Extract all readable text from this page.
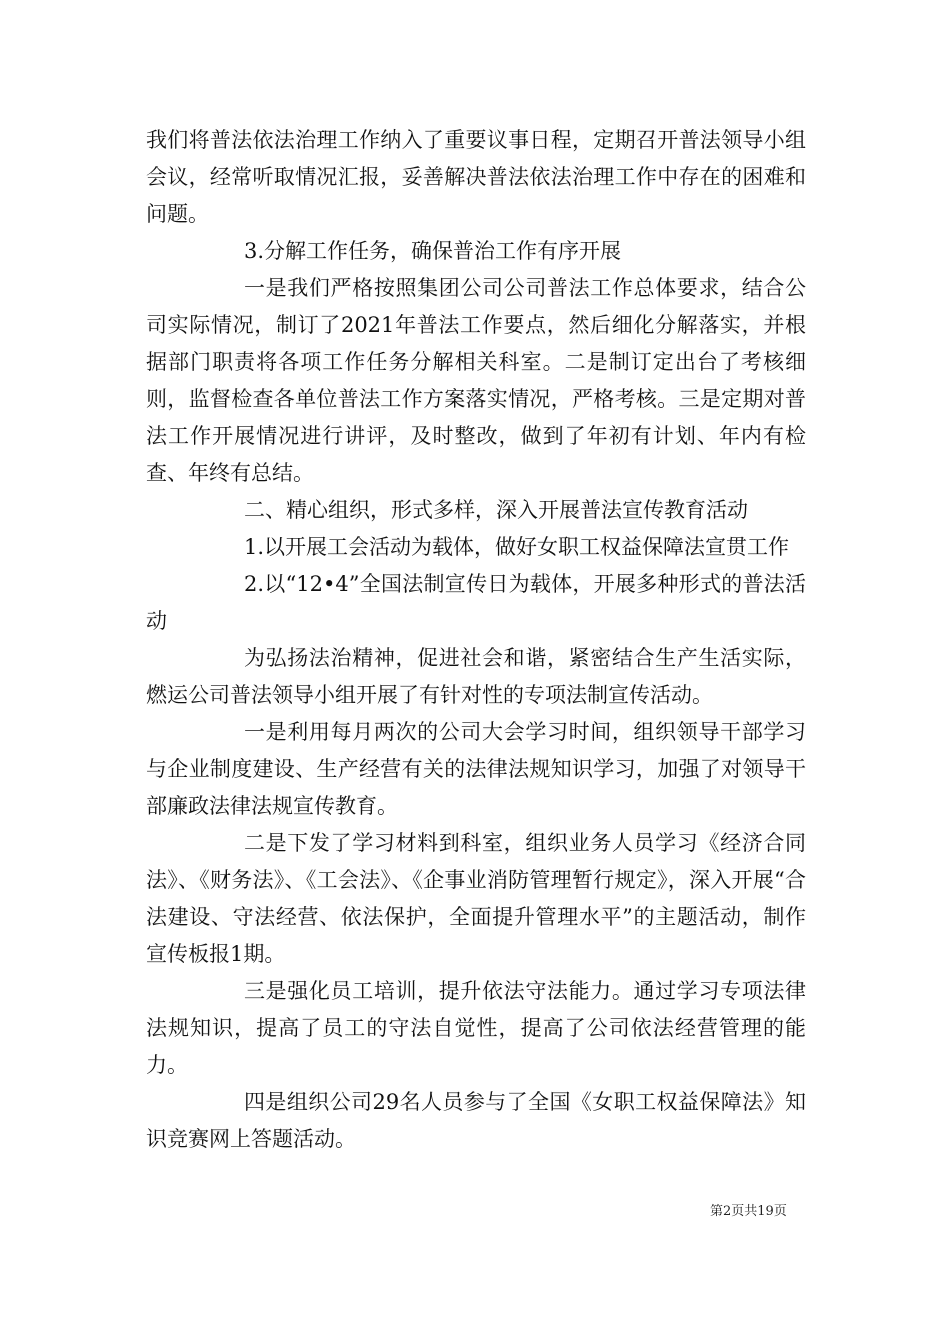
我们将普法依法治理工作纳入了重要议事日程，定期召开普法领导小组会议，经常听取情况汇报，妥善解决普法依法治理工作中存在的困难和问题。

3.分解工作任务，确保普治工作有序开展

一是我们严格按照集团公司公司普法工作总体要求，结合公司实际情况，制订了2021年普法工作要点，然后细化分解落实，并根据部门职责将各项工作任务分解相关科室。二是制订定出台了考核细则，监督检查各单位普法工作方案落实情况，严格考核。三是定期对普法工作开展情况进行讲评，及时整改，做到了年初有计划、年内有检查、年终有总结。

二、精心组织，形式多样，深入开展普法宣传教育活动

1.以开展工会活动为载体，做好女职工权益保障法宣贯工作

2.以“12•4”全国法制宣传日为载体，开展多种形式的普法活动

为弘扬法治精神，促进社会和谐，紧密结合生产生活实际，燃运公司普法领导小组开展了有针对性的专项法制宣传活动。

一是利用每月两次的公司大会学习时间，组织领导干部学习与企业制度建设、生产经营有关的法律法规知识学习，加强了对领导干部廉政法律法规宣传教育。

二是下发了学习材料到科室，组织业务人员学习《经济合同法》、《财务法》、《工会法》、《企事业消防管理暂行规定》，深入开展“合法建设、守法经营、依法保护，全面提升管理水平”的主题活动，制作宣传板报1期。

三是强化员工培训，提升依法守法能力。通过学习专项法律法规知识，提高了员工的守法自觉性，提高了公司依法经营管理的能力。

四是组织公司29名人员参与了全国《女职工权益保障法》知识竞赛网上答题活动。

第2页共19页
